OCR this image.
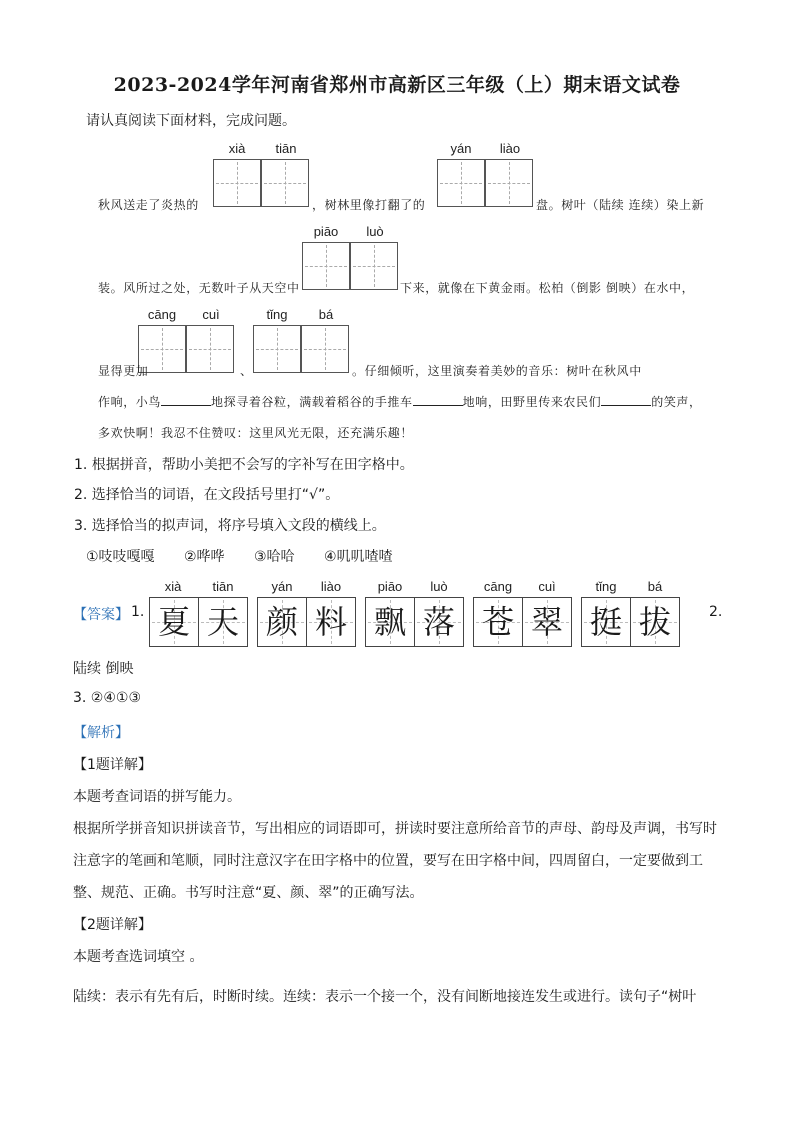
2023-2024学年河南省郑州市高新区三年级（上）期末语文试卷
请认真阅读下面材料，完成问题。
xià	tiān	yán	liào
秋风送走了炎热的	，树林里像打翻了的	盘。树叶（陆续 连续）染上新
piāo	luò
装。风所过之处，无数叶子从天空中	下来，就像在下黄金雨。松柏（倒影 倒映）在水中，
cāng	cuì	tǐng	bá
显得更加	、	。仔细倾听，这里演奏着美妙的音乐：树叶在秋风中
作响，小鸟	地探寻着谷粒，满载着稻谷的手推车	地响，田野里传来农民们	的笑声，
多欢快啊！我忍不住赞叹：这里风光无限，还充满乐趣！
1. 根据拼音，帮助小美把不会写的字补写在田字格中。
2. 选择恰当的词语，在文段括号里打“√”。
3. 选择恰当的拟声词，将序号填入文段的横线上。
①吱吱嘎嘎 ②哗哗 ③哈哈 ④叽叽喳喳
【答案】 1.
xià	tiān	yán	liào	piāo	luò	cāng	cuì	tǐng	bá
夏 天 颜 料 飘 落 苍 翠 挺 拔	2.
陆续 倒映
3. ②④①③
【解析】
【1题详解】
本题考查词语的拼写能力。
根据所学拼音知识拼读音节，写出相应的词语即可，拼读时要注意所给音节的声母、韵母及声调，书写时
注意字的笔画和笔顺，同时注意汉字在田字格中的位置，要写在田字格中间，四周留白，一定要做到工
整、规范、正确。书写时注意“夏、颜、翠”的正确写法。
【2题详解】
本题考查选词填空 。
陆续：表示有先有后，时断时续。连续：表示一个接一个，没有间断地接连发生或进行。读句子“树叶
